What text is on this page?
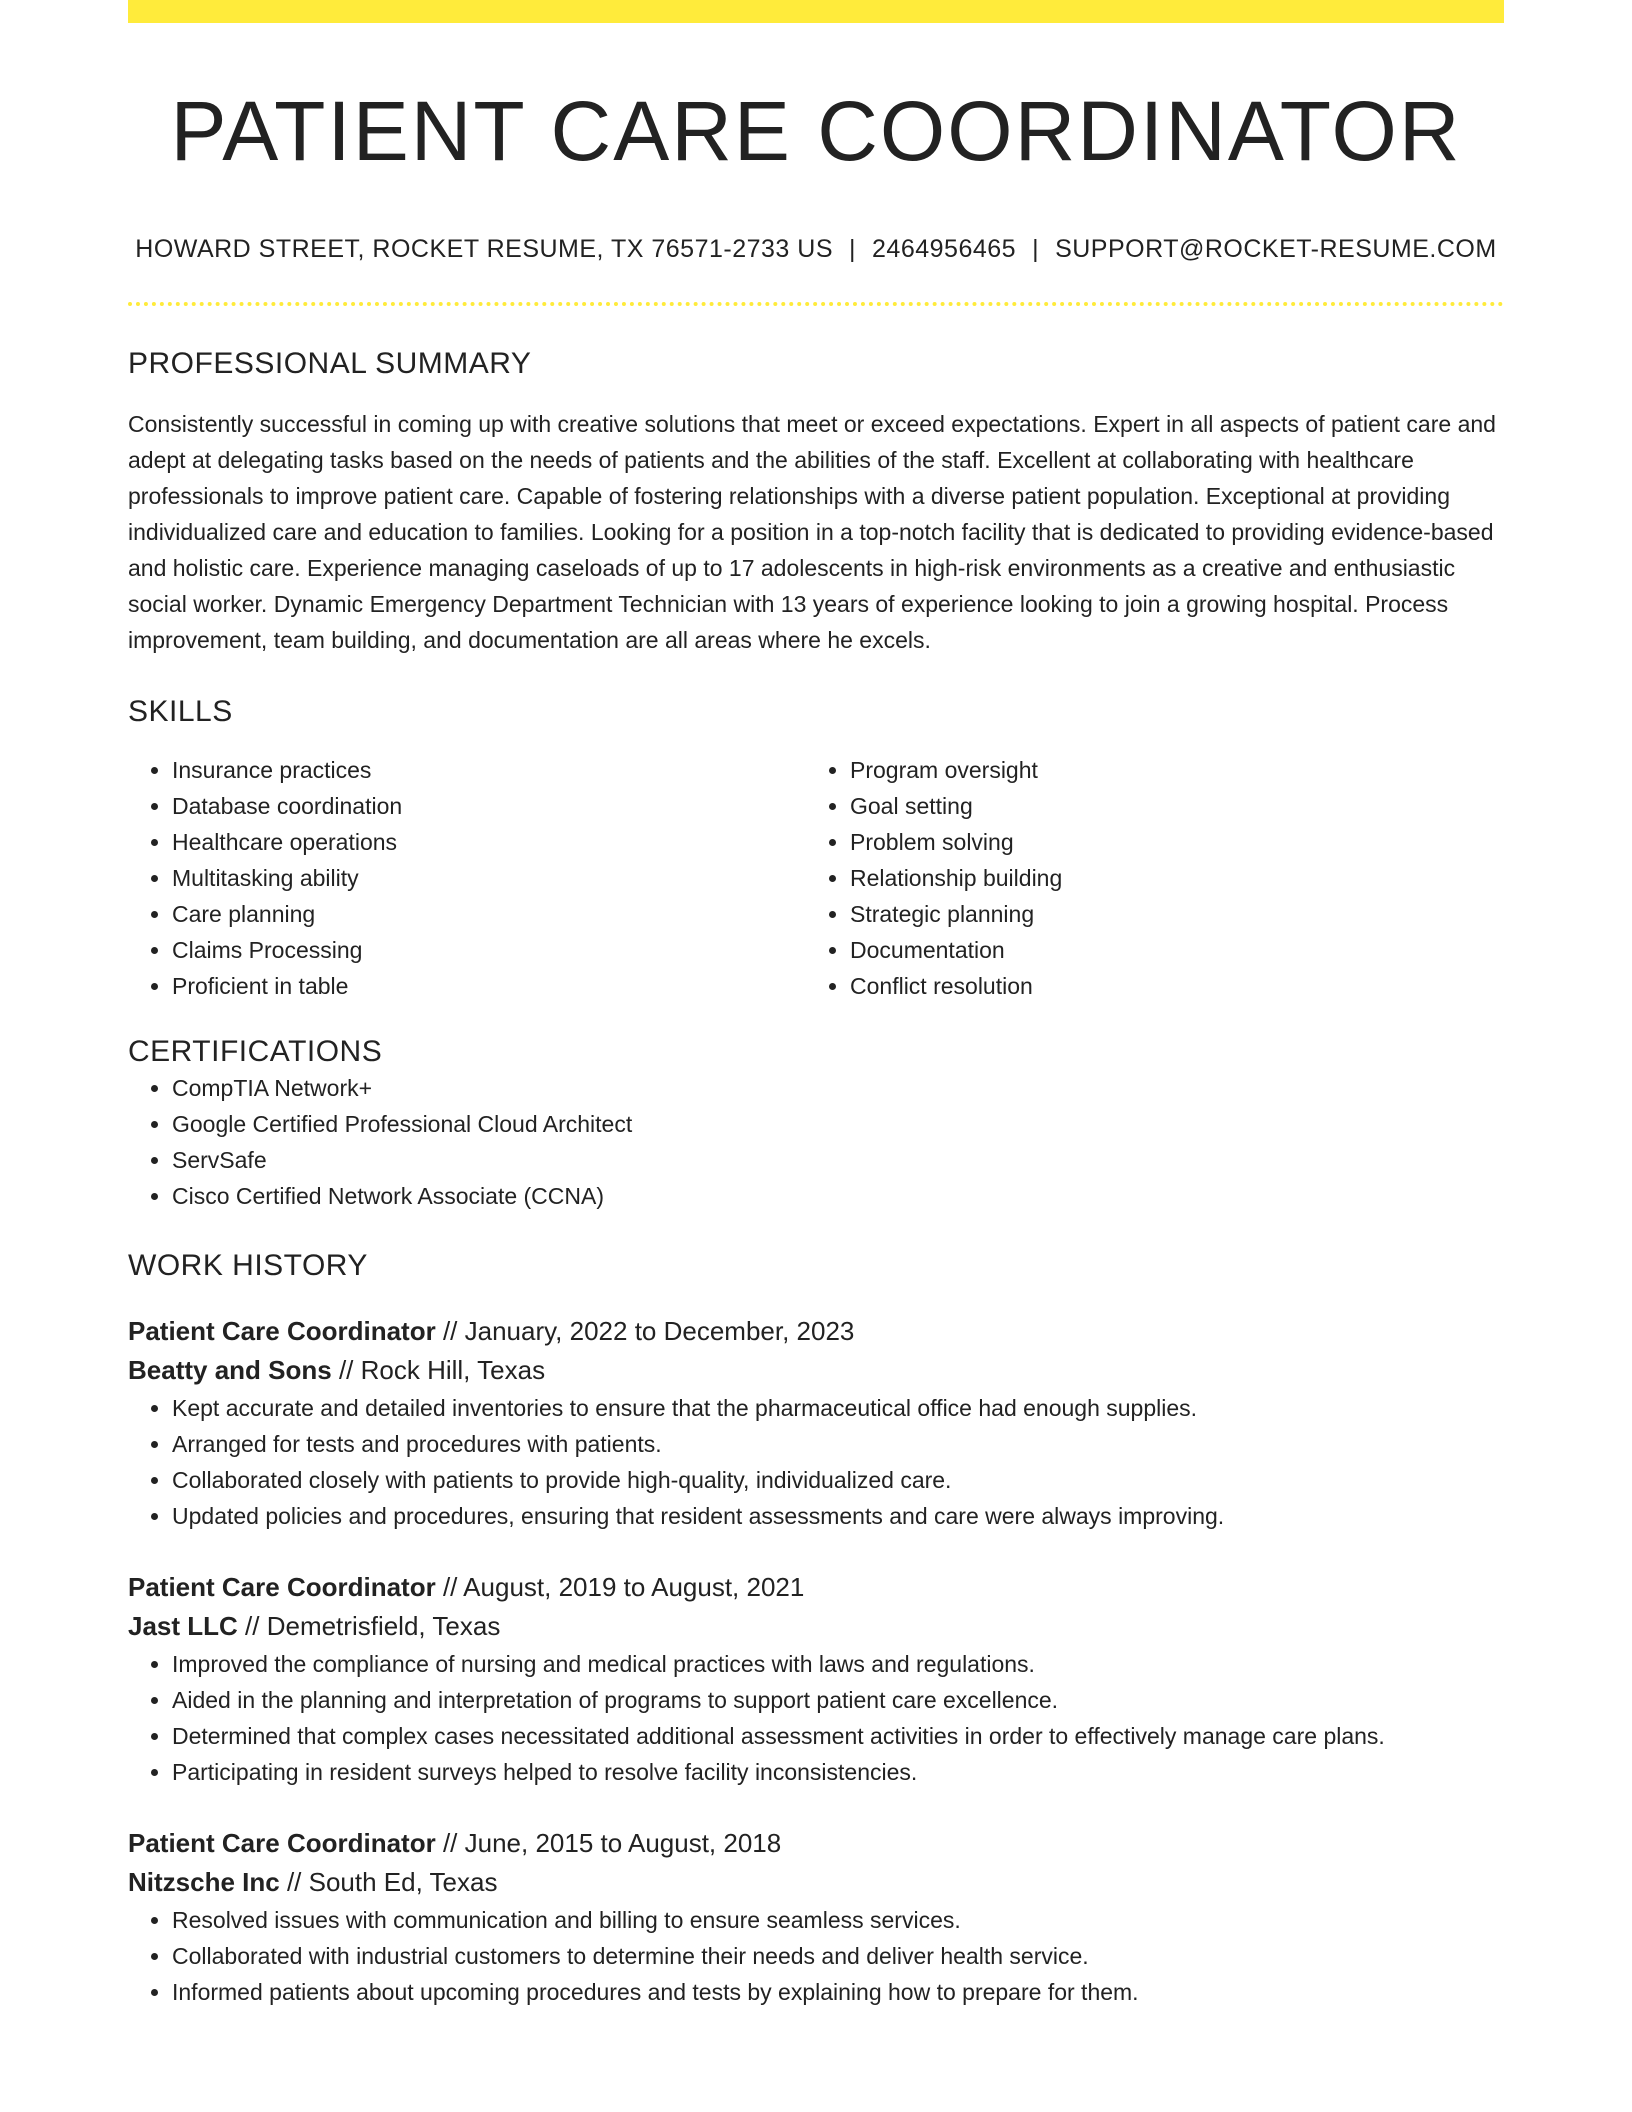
PATIENT CARE COORDINATOR
HOWARD STREET, ROCKET RESUME, TX 76571-2733 US | 2464956465 | SUPPORT@ROCKET-RESUME.COM
PROFESSIONAL SUMMARY

Consistently successful in coming up with creative solutions that meet or exceed expectations. Expert in all aspects of patient care and adept at delegating tasks based on the needs of patients and the abilities of the staff. Excellent at collaborating with healthcare professionals to improve patient care. Capable of fostering relationships with a diverse patient population. Exceptional at providing individualized care and education to families. Looking for a position in a top-notch facility that is dedicated to providing evidence-based and holistic care. Experience managing caseloads of up to 17 adolescents in high-risk environments as a creative and enthusiastic social worker. Dynamic Emergency Department Technician with 13 years of experience looking to join a growing hospital. Process improvement, team building, and documentation are all areas where he excels.

SKILLS
• Insurance practices
• Database coordination
• Healthcare operations
• Multitasking ability
• Care planning
• Claims Processing
• Proficient in table
• Program oversight
• Goal setting
• Problem solving
• Relationship building
• Strategic planning
• Documentation
• Conflict resolution
CERTIFICATIONS
• CompTIA Network+
• Google Certified Professional Cloud Architect
• ServSafe
• Cisco Certified Network Associate (CCNA)
WORK HISTORY
Patient Care Coordinator // January, 2022 to December, 2023
Beatty and Sons // Rock Hill, Texas
• Kept accurate and detailed inventories to ensure that the pharmaceutical office had enough supplies.
• Arranged for tests and procedures with patients.
• Collaborated closely with patients to provide high-quality, individualized care.
• Updated policies and procedures, ensuring that resident assessments and care were always improving.
Patient Care Coordinator // August, 2019 to August, 2021
Jast LLC // Demetrisfield, Texas
• Improved the compliance of nursing and medical practices with laws and regulations.
• Aided in the planning and interpretation of programs to support patient care excellence.
• Determined that complex cases necessitated additional assessment activities in order to effectively manage care plans.
• Participating in resident surveys helped to resolve facility inconsistencies.
Patient Care Coordinator // June, 2015 to August, 2018
Nitzsche Inc // South Ed, Texas
• Resolved issues with communication and billing to ensure seamless services.
• Collaborated with industrial customers to determine their needs and deliver health service.
• Informed patients about upcoming procedures and tests by explaining how to prepare for them.
